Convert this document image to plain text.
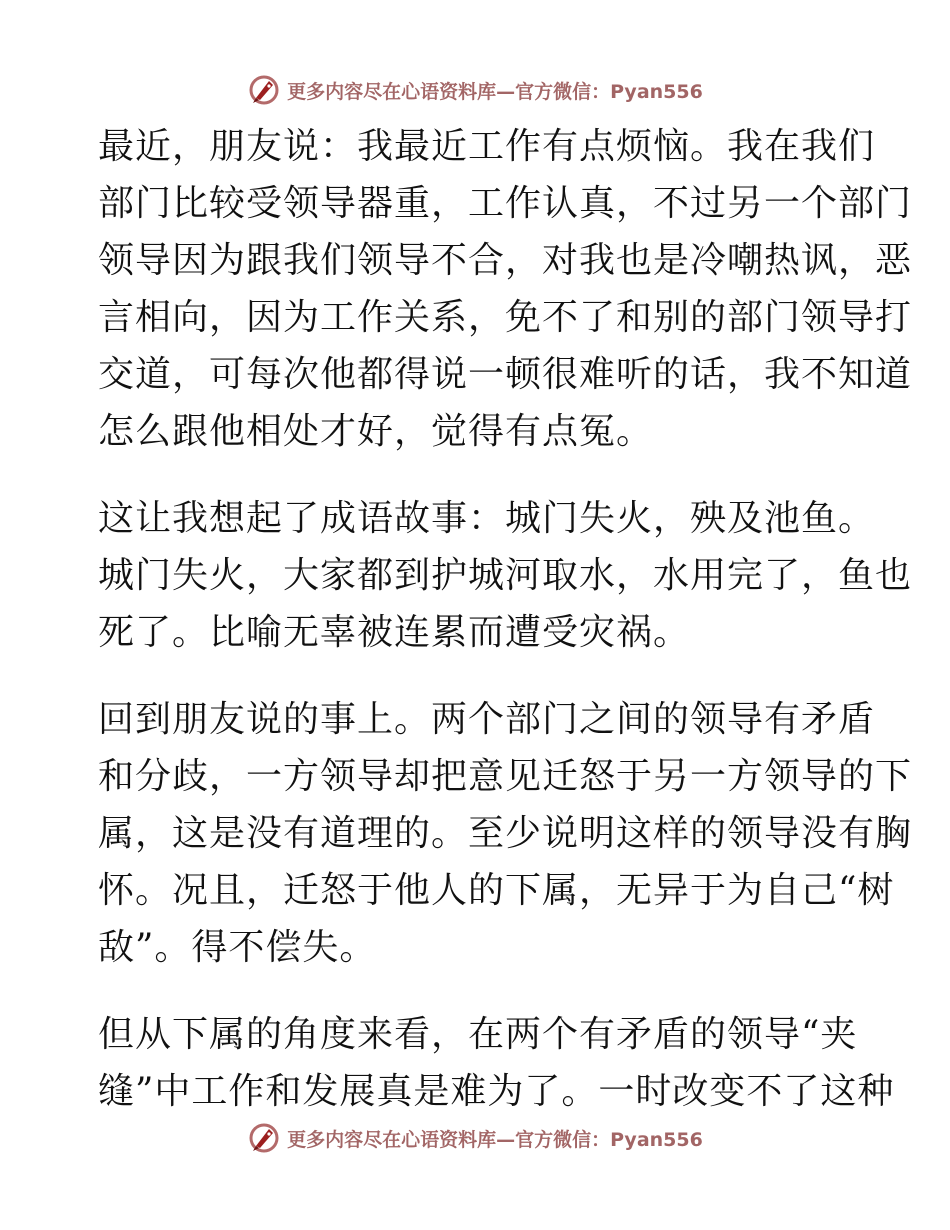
更多内容尽在心语资料库—官方微信：Pyan556

最近，朋友说：我最近工作有点烦恼。我在我们
部门比较受领导器重，工作认真，不过另一个部门
领导因为跟我们领导不合，对我也是冷嘲热讽，恶
言相向，因为工作关系，免不了和别的部门领导打
交道，可每次他都得说一顿很难听的话，我不知道
怎么跟他相处才好，觉得有点冤。

这让我想起了成语故事：城门失火，殃及池鱼。
城门失火，大家都到护城河取水，水用完了，鱼也
死了。比喻无辜被连累而遭受灾祸。

回到朋友说的事上。两个部门之间的领导有矛盾
和分歧，一方领导却把意见迁怒于另一方领导的下
属，这是没有道理的。至少说明这样的领导没有胸
怀。况且，迁怒于他人的下属，无异于为自己“树
敌”。得不偿失。

但从下属的角度来看，在两个有矛盾的领导“夹
缝”中工作和发展真是难为了。一时改变不了这种

更多内容尽在心语资料库—官方微信：Pyan556
